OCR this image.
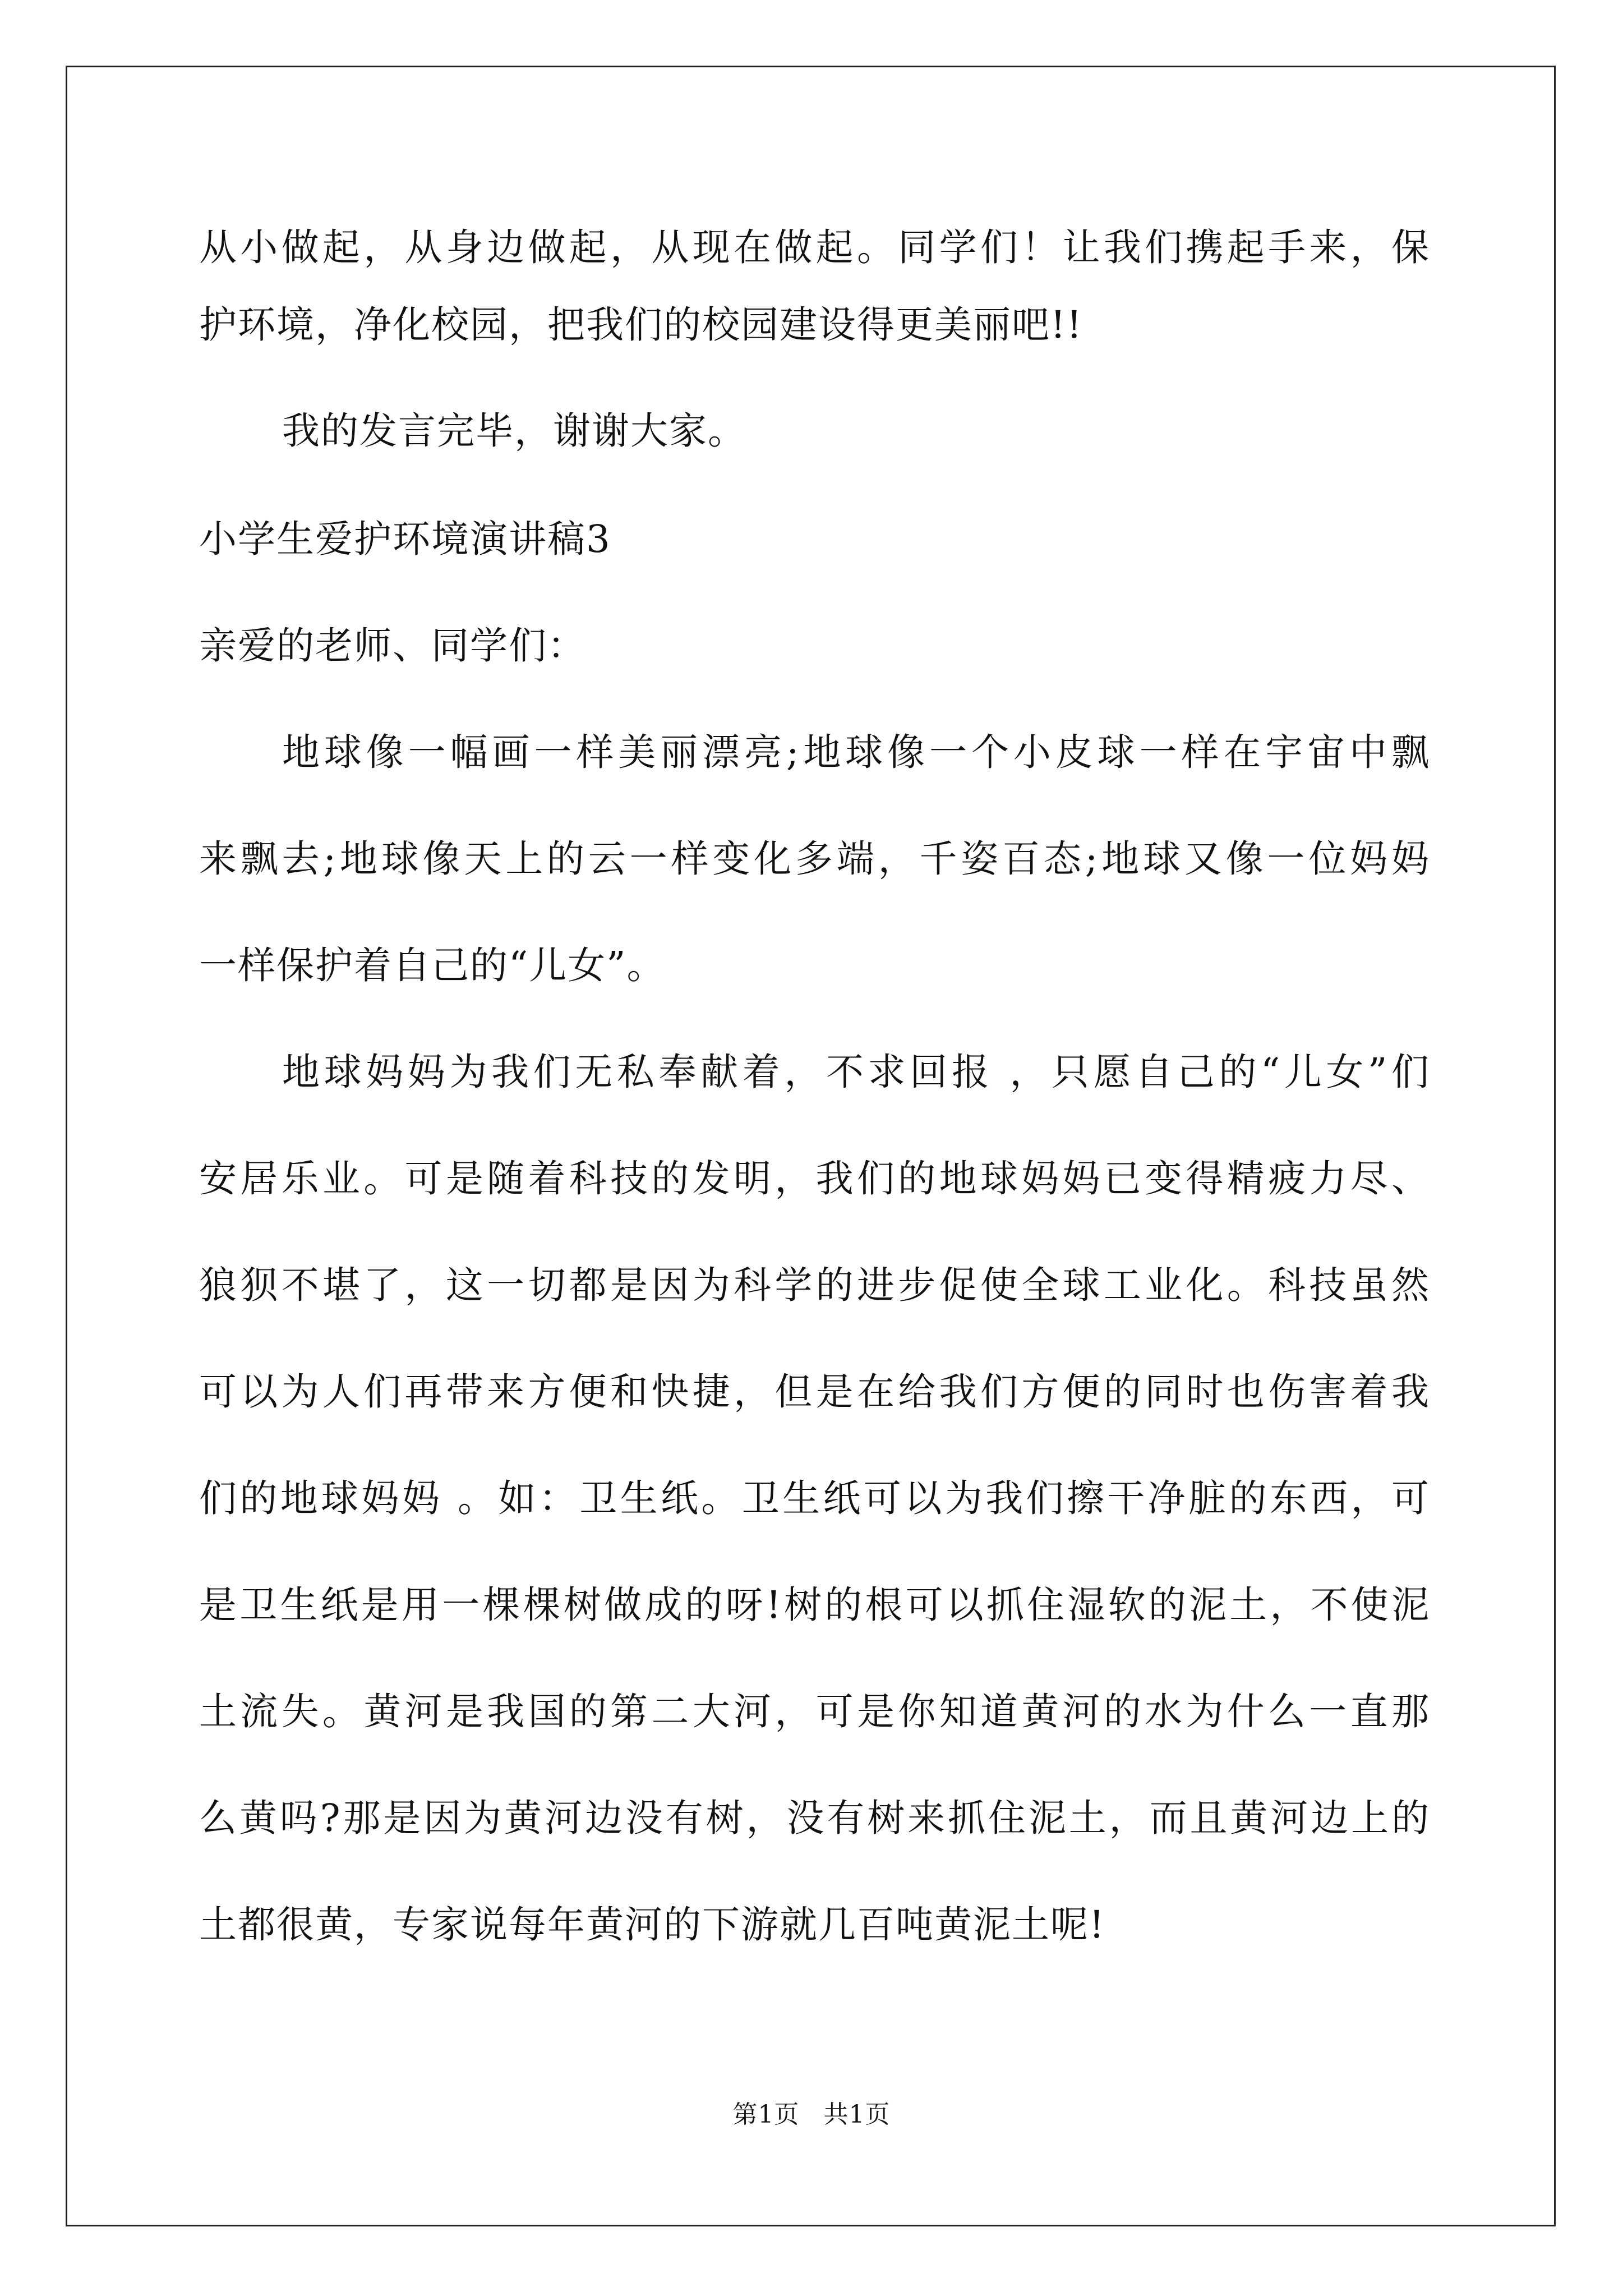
从小做起，从身边做起，从现在做起。同学们！让我们携起手来，保
护环境，净化校园，把我们的校园建设得更美丽吧!!
我的发言完毕，谢谢大家。
小学生爱护环境演讲稿3
亲爱的老师、同学们：
地球像一幅画一样美丽漂亮;地球像一个小皮球一样在宇宙中飘
来飘去;地球像天上的云一样变化多端，千姿百态;地球又像一位妈妈
一样保护着自己的“儿女”。
地球妈妈为我们无私奉献着，不求回报 ，只愿自己的“儿女”们
安居乐业。可是随着科技的发明，我们的地球妈妈已变得精疲力尽、
狼狈不堪了，这一切都是因为科学的进步促使全球工业化。科技虽然
可以为人们再带来方便和快捷，但是在给我们方便的同时也伤害着我
们的地球妈妈 。如：卫生纸。卫生纸可以为我们擦干净脏的东西，可
是卫生纸是用一棵棵树做成的呀!树的根可以抓住湿软的泥土，不使泥
土流失。黄河是我国的第二大河，可是你知道黄河的水为什么一直那
么黄吗?那是因为黄河边没有树，没有树来抓住泥土，而且黄河边上的
土都很黄，专家说每年黄河的下游就几百吨黄泥土呢!
第1页 共1页
